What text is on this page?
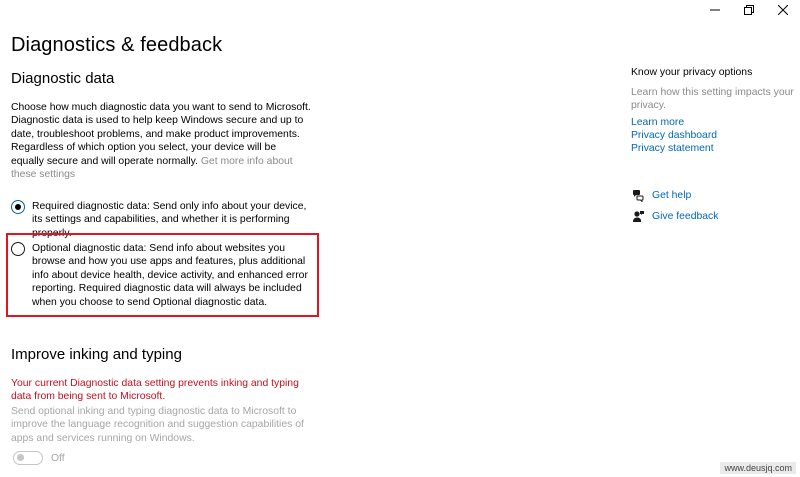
Diagnostics & feedback
Diagnostic data
Choose how much diagnostic data you want to send to Microsoft. Diagnostic data is used to help keep Windows secure and up to date, troubleshoot problems, and make product improvements. Regardless of which option you select, your device will be equally secure and will operate normally. Get more info about these settings
Required diagnostic data: Send only info about your device, its settings and capabilities, and whether it is performing properly.
Optional diagnostic data: Send info about websites you browse and how you use apps and features, plus additional info about device health, device activity, and enhanced error reporting. Required diagnostic data will always be included when you choose to send Optional diagnostic data.
Improve inking and typing
Your current Diagnostic data setting prevents inking and typing data from being sent to Microsoft.
Send optional inking and typing diagnostic data to Microsoft to improve the language recognition and suggestion capabilities of apps and services running on Windows.
Off
Know your privacy options
Learn how this setting impacts your privacy.
Learn more
Privacy dashboard
Privacy statement
Get help
Give feedback
www.deusjq.com
